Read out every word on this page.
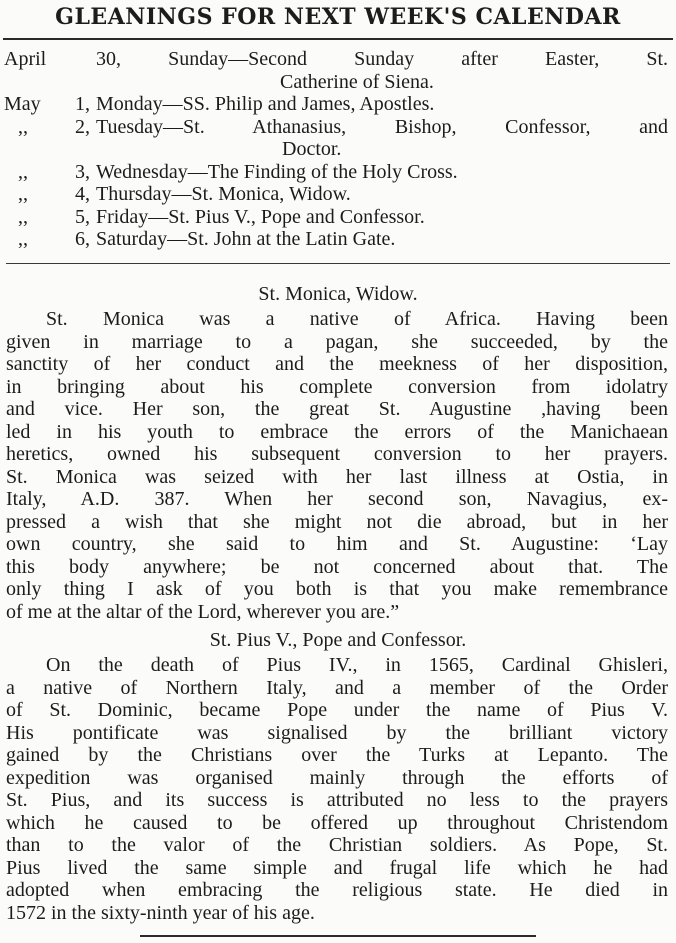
GLEANINGS FOR NEXT WEEK'S CALENDAR
April	30, Sunday—Second Sunday after Easter, St.
Catherine of Siena.
May	1, Monday—SS. Philip and James, Apostles.
,,	2, Tuesday—St. Athanasius, Bishop, Confessor, and
Doctor.
,,	3, Wednesday—The Finding of the Holy Cross.
,,	4, Thursday—St. Monica, Widow.
,,	5, Friday—St. Pius V., Pope and Confessor.
,,	6, Saturday—St. John at the Latin Gate.
St. Monica, Widow.
St. Monica was a native of Africa. Having been
given in marriage to a pagan, she succeeded, by the
sanctity of her conduct and the meekness of her disposition,
in bringing about his complete conversion from idolatry
and vice. Her son, the great St. Augustine ,having been
led in his youth to embrace the errors of the Manichaean
heretics, owned his subsequent conversion to her prayers.
St. Monica was seized with her last illness at Ostia, in
Italy, A.D. 387. When her second son, Navagius, ex-
pressed a wish that she might not die abroad, but in her
own country, she said to him and St. Augustine: ‘Lay
this body anywhere; be not concerned about that. The
only thing I ask of you both is that you make remembrance
of me at the altar of the Lord, wherever you are.”
St. Pius V., Pope and Confessor.
On the death of Pius IV., in 1565, Cardinal Ghisleri,
a native of Northern Italy, and a member of the Order
of St. Dominic, became Pope under the name of Pius V.
His pontificate was signalised by the brilliant victory
gained by the Christians over the Turks at Lepanto. The
expedition was organised mainly through the efforts of
St. Pius, and its success is attributed no less to the prayers
which he caused to be offered up throughout Christendom
than to the valor of the Christian soldiers. As Pope, St.
Pius lived the same simple and frugal life which he had
adopted when embracing the religious state. He died in
1572 in the sixty-ninth year of his age.
